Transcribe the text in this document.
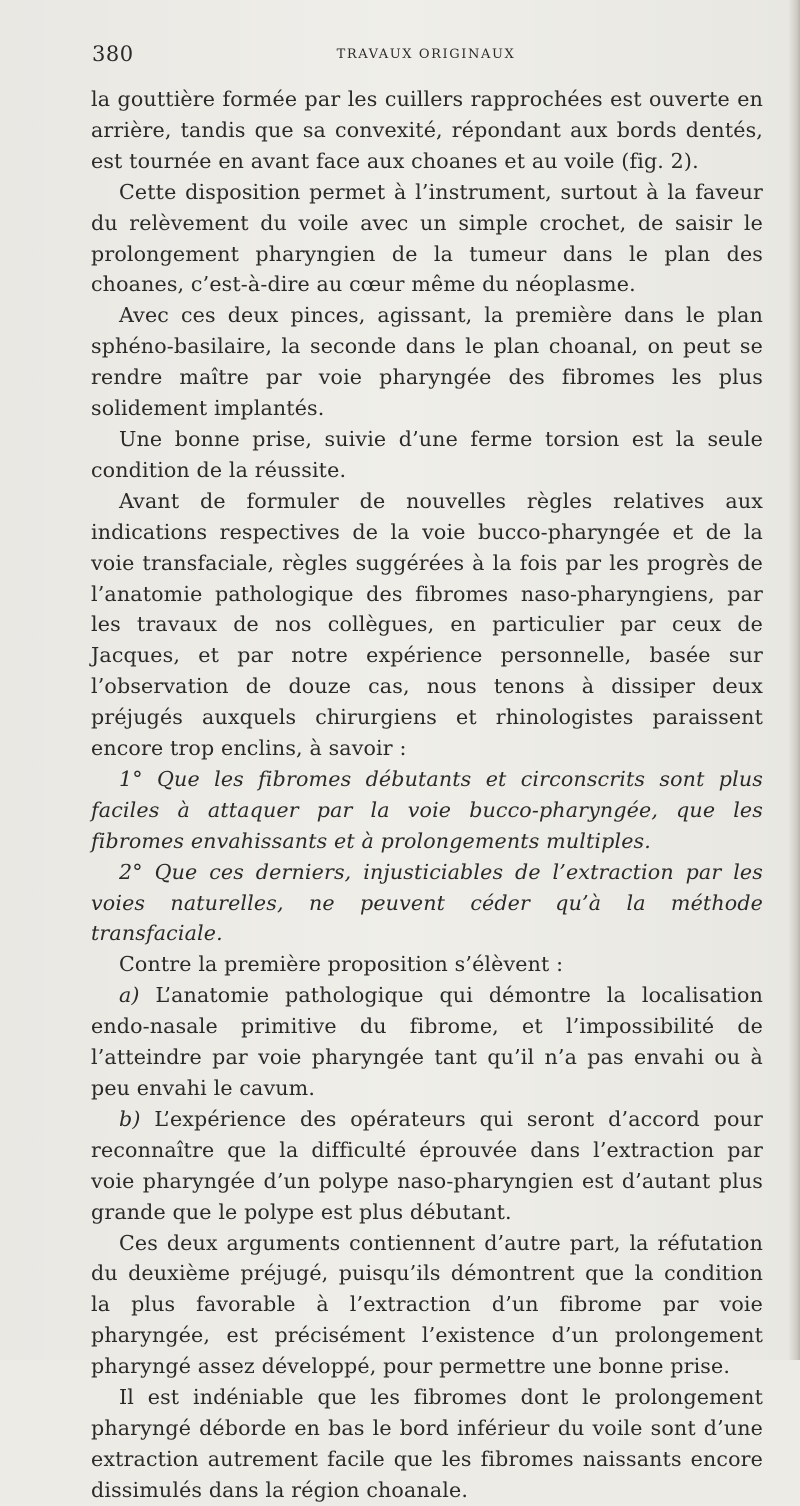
380	TRAVAUX ORIGINAUX

la gouttière formée par les cuillers rapprochées est ouverte en arrière, tandis que sa convexité, répondant aux bords dentés, est tournée en avant face aux choanes et au voile (fig. 2).

Cette disposition permet à l’instrument, surtout à la faveur du relèvement du voile avec un simple crochet, de saisir le prolongement pharyngien de la tumeur dans le plan des choanes, c’est-à-dire au cœur même du néoplasme.

Avec ces deux pinces, agissant, la première dans le plan sphéno-basilaire, la seconde dans le plan choanal, on peut se rendre maître par voie pharyngée des fibromes les plus solidement implantés.

Une bonne prise, suivie d’une ferme torsion est la seule condition de la réussite.

Avant de formuler de nouvelles règles relatives aux indications respectives de la voie bucco-pharyngée et de la voie transfaciale, règles suggérées à la fois par les progrès de l’anatomie pathologique des fibromes naso-pharyngiens, par les travaux de nos collègues, en particulier par ceux de Jacques, et par notre expérience personnelle, basée sur l’observation de douze cas, nous tenons à dissiper deux préjugés auxquels chirurgiens et rhinologistes paraissent encore trop enclins, à savoir :

1° Que les fibromes débutants et circonscrits sont plus faciles à attaquer par la voie bucco-pharyngée, que les fibromes envahissants et à prolongements multiples.

2° Que ces derniers, injusticiables de l’extraction par les voies naturelles, ne peuvent céder qu’à la méthode transfaciale.

Contre la première proposition s’élèvent :

a) L’anatomie pathologique qui démontre la localisation endo-nasale primitive du fibrome, et l’impossibilité de l’atteindre par voie pharyngée tant qu’il n’a pas envahi ou à peu envahi le cavum.

b) L’expérience des opérateurs qui seront d’accord pour reconnaître que la difficulté éprouvée dans l’extraction par voie pharyngée d’un polype naso-pharyngien est d’autant plus grande que le polype est plus débutant.

Ces deux arguments contiennent d’autre part, la réfutation du deuxième préjugé, puisqu’ils démontrent que la condition la plus favorable à l’extraction d’un fibrome par voie pharyngée, est précisément l’existence d’un prolongement pharyngé assez développé, pour permettre une bonne prise.

Il est indéniable que les fibromes dont le prolongement pharyngé déborde en bas le bord inférieur du voile sont d’une extraction autrement facile que les fibromes naissants encore dissimulés dans la région choanale.
